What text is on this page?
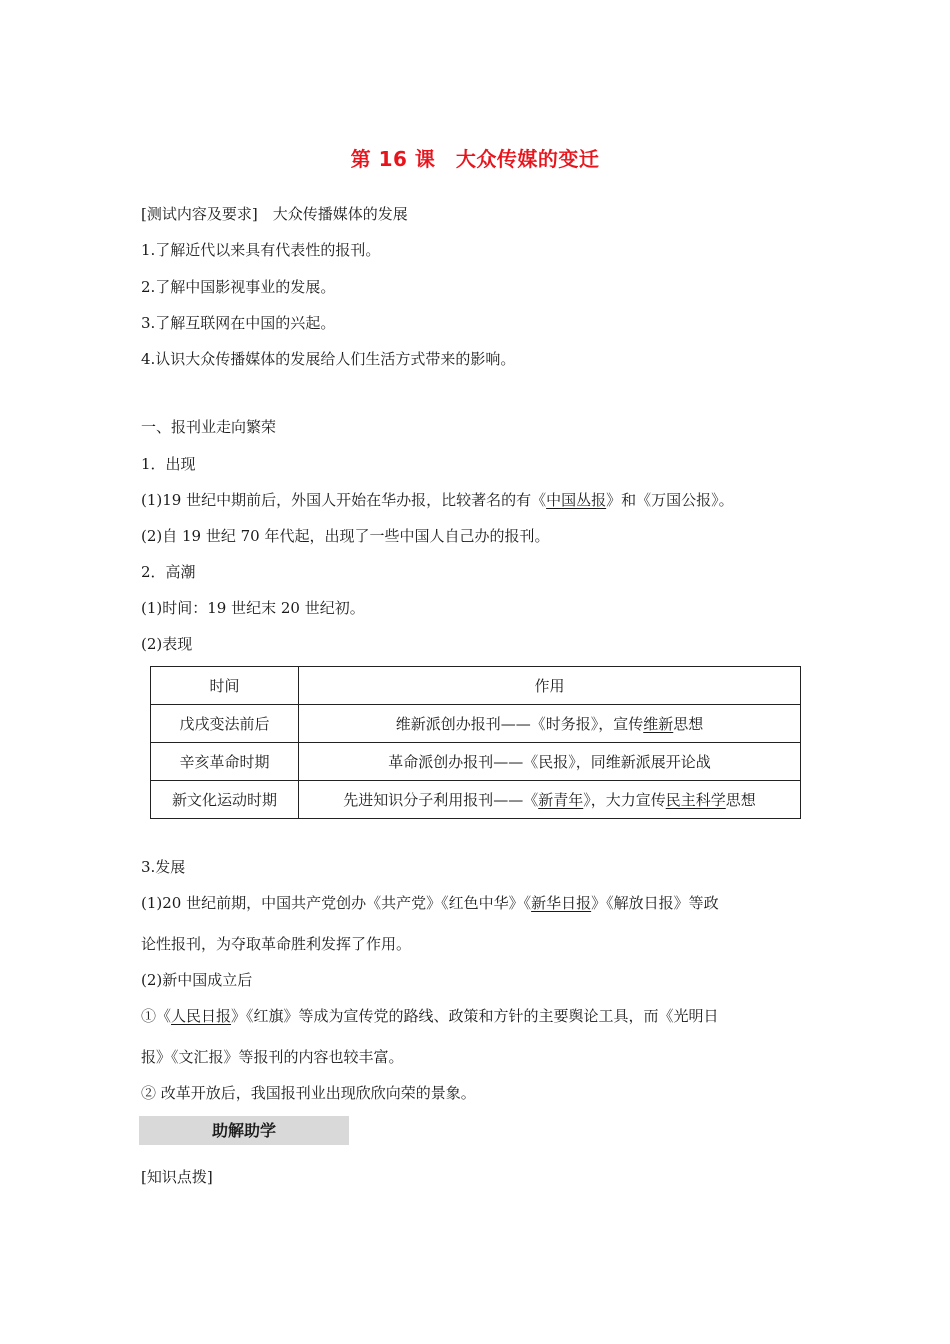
第 16 课　大众传媒的变迁
[测试内容及要求]　大众传播媒体的发展
1.了解近代以来具有代表性的报刊。
2.了解中国影视事业的发展。
3.了解互联网在中国的兴起。
4.认识大众传播媒体的发展给人们生活方式带来的影响。
一、报刊业走向繁荣
1．出现
(1)19 世纪中期前后，外国人开始在华办报，比较著名的有《中国丛报》和《万国公报》。
(2)自 19 世纪 70 年代起，出现了一些中国人自己办的报刊。
2．高潮
(1)时间：19 世纪末 20 世纪初。
(2)表现
时间	作用
戊戌变法前后	维新派创办报刊——《时务报》，宣传维新思想
辛亥革命时期	革命派创办报刊——《民报》，同维新派展开论战
新文化运动时期	先进知识分子利用报刊——《新青年》，大力宣传民主科学思想
3.发展
(1)20 世纪前期，中国共产党创办《共产党》《红色中华》《新华日报》《解放日报》等政
论性报刊，为夺取革命胜利发挥了作用。
(2)新中国成立后
①《人民日报》《红旗》等成为宣传党的路线、政策和方针的主要舆论工具，而《光明日
报》《文汇报》等报刊的内容也较丰富。
② 改革开放后，我国报刊业出现欣欣向荣的景象。
助解助学
[知识点拨]
